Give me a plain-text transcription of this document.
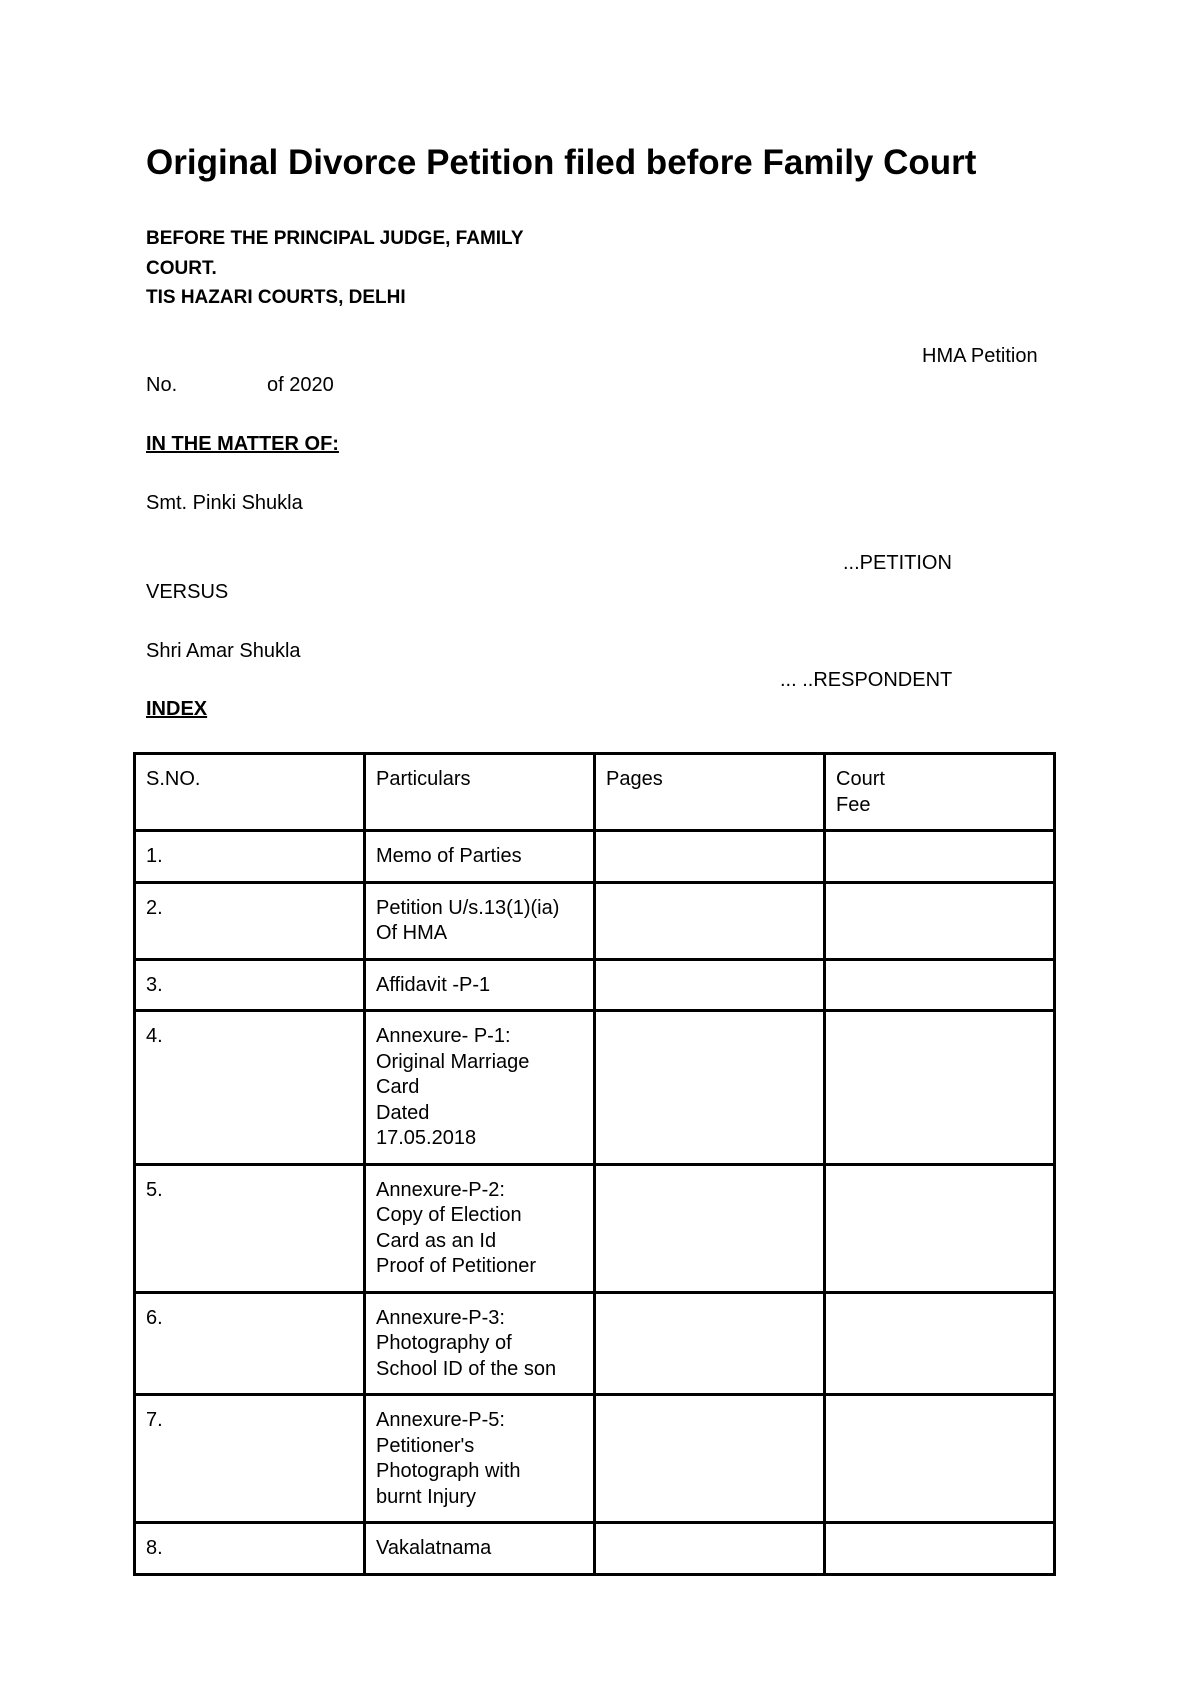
Original Divorce Petition filed before Family Court
BEFORE THE PRINCIPAL JUDGE, FAMILY
COURT.
TIS HAZARI COURTS, DELHI
HMA Petition
No.	of 2020
IN THE MATTER OF:
Smt. Pinki Shukla
...PETITION
VERSUS
Shri Amar Shukla
... ..RESPONDENT
INDEX
S.NO.	Particulars	Pages	Court
Fee

1.	Memo of Parties		

2.	Petition U/s.13(1)(ia)
Of HMA		

3.	Affidavit -P-1		

4.	Annexure- P-1:
Original Marriage
Card
Dated
17.05.2018		

5.	Annexure-P-2:
Copy of Election
Card as an Id
Proof of Petitioner		

6.	Annexure-P-3:
Photography of
School ID of the son		

7.	Annexure-P-5:
Petitioner's
Photograph with
burnt Injury		

8.	Vakalatnama		
